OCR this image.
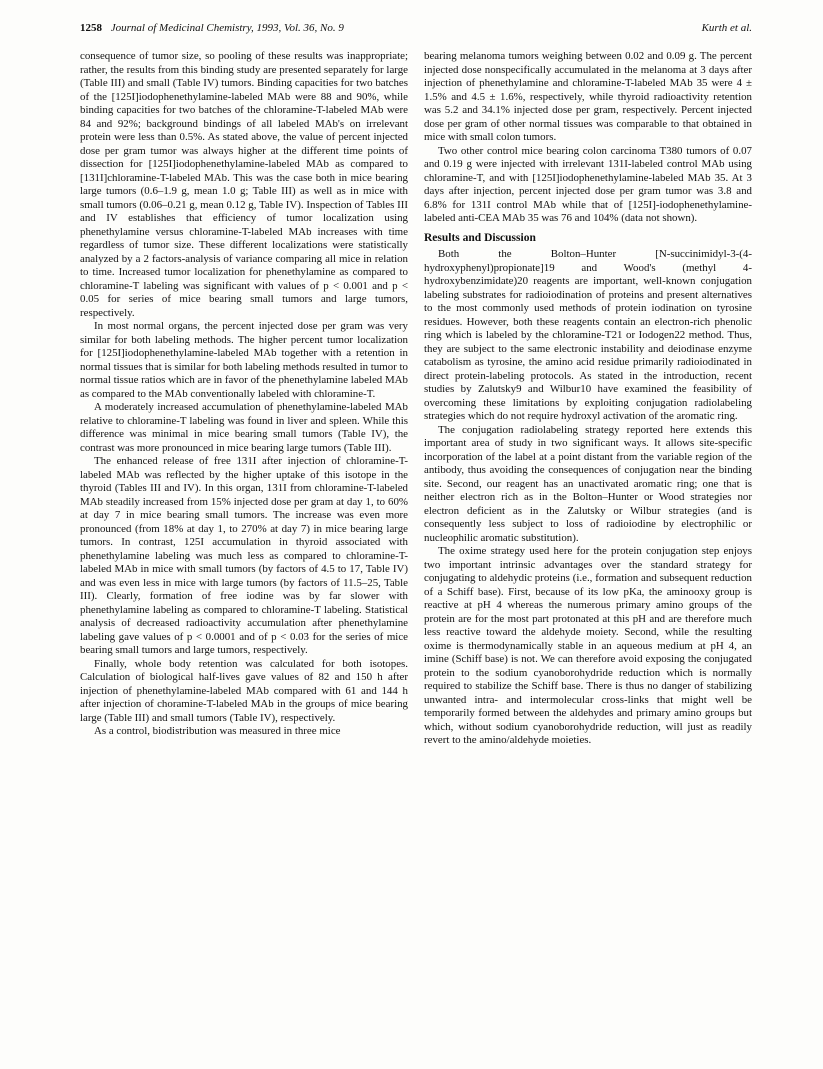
1258 Journal of Medicinal Chemistry, 1993, Vol. 36, No. 9	Kurth et al.

consequence of tumor size, so pooling of these results was inappropriate; rather, the results from this binding study are presented separately for large (Table III) and small (Table IV) tumors. Binding capacities for two batches of the [125I]iodophenethylamine-labeled MAb were 88 and 90%, while binding capacities for two batches of the chloramine-T-labeled MAb were 84 and 92%; background bindings of all labeled MAb's on irrelevant protein were less than 0.5%. As stated above, the value of percent injected dose per gram tumor was always higher at the different time points of dissection for [125I]iodophenethylamine-labeled MAb as compared to [131I]chloramine-T-labeled MAb. This was the case both in mice bearing large tumors (0.6–1.9 g, mean 1.0 g; Table III) as well as in mice with small tumors (0.06–0.21 g, mean 0.12 g, Table IV). Inspection of Tables III and IV establishes that efficiency of tumor localization using phenethylamine versus chloramine-T-labeled MAb increases with time regardless of tumor size. These different localizations were statistically analyzed by a 2 factors-analysis of variance comparing all mice in relation to time. Increased tumor localization for phenethylamine as compared to chloramine-T labeling was significant with values of p < 0.001 and p < 0.05 for series of mice bearing small tumors and large tumors, respectively.

In most normal organs, the percent injected dose per gram was very similar for both labeling methods. The higher percent tumor localization for [125I]iodophenethylamine-labeled MAb together with a retention in normal tissues that is similar for both labeling methods resulted in tumor to normal tissue ratios which are in favor of the phenethylamine labeled MAb as compared to the MAb conventionally labeled with chloramine-T.

A moderately increased accumulation of phenethylamine-labeled MAb relative to chloramine-T labeling was found in liver and spleen. While this difference was minimal in mice bearing small tumors (Table IV), the contrast was more pronounced in mice bearing large tumors (Table III).

The enhanced release of free 131I after injection of chloramine-T-labeled MAb was reflected by the higher uptake of this isotope in the thyroid (Tables III and IV). In this organ, 131I from chloramine-T-labeled MAb steadily increased from 15% injected dose per gram at day 1, to 60% at day 7 in mice bearing small tumors. The increase was even more pronounced (from 18% at day 1, to 270% at day 7) in mice bearing large tumors. In contrast, 125I accumulation in thyroid associated with phenethylamine labeling was much less as compared to chloramine-T-labeled MAb in mice with small tumors (by factors of 4.5 to 17, Table IV) and was even less in mice with large tumors (by factors of 11.5–25, Table III). Clearly, formation of free iodine was by far slower with phenethylamine labeling as compared to chloramine-T labeling. Statistical analysis of decreased radioactivity accumulation after phenethylamine labeling gave values of p < 0.0001 and of p < 0.03 for the series of mice bearing small tumors and large tumors, respectively.

Finally, whole body retention was calculated for both isotopes. Calculation of biological half-lives gave values of 82 and 150 h after injection of phenethylamine-labeled MAb compared with 61 and 144 h after injection of choramine-T-labeled MAb in the groups of mice bearing large (Table III) and small tumors (Table IV), respectively.

As a control, biodistribution was measured in three mice

bearing melanoma tumors weighing between 0.02 and 0.09 g. The percent injected dose nonspecifically accumulated in the melanoma at 3 days after injection of phenethylamine and chloramine-T-labeled MAb 35 were 4 ± 1.5% and 4.5 ± 1.6%, respectively, while thyroid radioactivity retention was 5.2 and 34.1% injected dose per gram, respectively. Percent injected dose per gram of other normal tissues was comparable to that obtained in mice with small colon tumors.

Two other control mice bearing colon carcinoma T380 tumors of 0.07 and 0.19 g were injected with irrelevant 131I-labeled control MAb using chloramine-T, and with [125I]iodophenethylamine-labeled MAb 35. At 3 days after injection, percent injected dose per gram tumor was 3.8 and 6.8% for 131I control MAb while that of [125I]-iodophenethylamine-labeled anti-CEA MAb 35 was 76 and 104% (data not shown).

Results and Discussion

Both the Bolton–Hunter [N-succinimidyl-3-(4-hydroxyphenyl)propionate]19 and Wood's (methyl 4-hydroxybenzimidate)20 reagents are important, well-known conjugation labeling substrates for radioiodination of proteins and present alternatives to the most commonly used methods of protein iodination on tyrosine residues. However, both these reagents contain an electron-rich phenolic ring which is labeled by the chloramine-T21 or Iodogen22 method. Thus, they are subject to the same electronic instability and deiodinase enzyme catabolism as tyrosine, the amino acid residue primarily radioiodinated in direct protein-labeling protocols. As stated in the introduction, recent studies by Zalutsky9 and Wilbur10 have examined the feasibility of overcoming these limitations by exploiting conjugation radiolabeling strategies which do not require hydroxyl activation of the aromatic ring.

The conjugation radiolabeling strategy reported here extends this important area of study in two significant ways. It allows site-specific incorporation of the label at a point distant from the variable region of the antibody, thus avoiding the consequences of conjugation near the binding site. Second, our reagent has an unactivated aromatic ring; one that is neither electron rich as in the Bolton–Hunter or Wood strategies nor electron deficient as in the Zalutsky or Wilbur strategies (and is consequently less subject to loss of radioiodine by electrophilic or nucleophilic aromatic substitution).

The oxime strategy used here for the protein conjugation step enjoys two important intrinsic advantages over the standard strategy for conjugating to aldehydic proteins (i.e., formation and subsequent reduction of a Schiff base). First, because of its low pKa, the aminooxy group is reactive at pH 4 whereas the numerous primary amino groups of the protein are for the most part protonated at this pH and are therefore much less reactive toward the aldehyde moiety. Second, while the resulting oxime is thermodynamically stable in an aqueous medium at pH 4, an imine (Schiff base) is not. We can therefore avoid exposing the conjugated protein to the sodium cyanoborohydride reduction which is normally required to stabilize the Schiff base. There is thus no danger of stabilizing unwanted intra- and intermolecular cross-links that might well be temporarily formed between the aldehydes and primary amino groups but which, without sodium cyanoborohydride reduction, will just as readily revert to the amino/aldehyde moieties.
